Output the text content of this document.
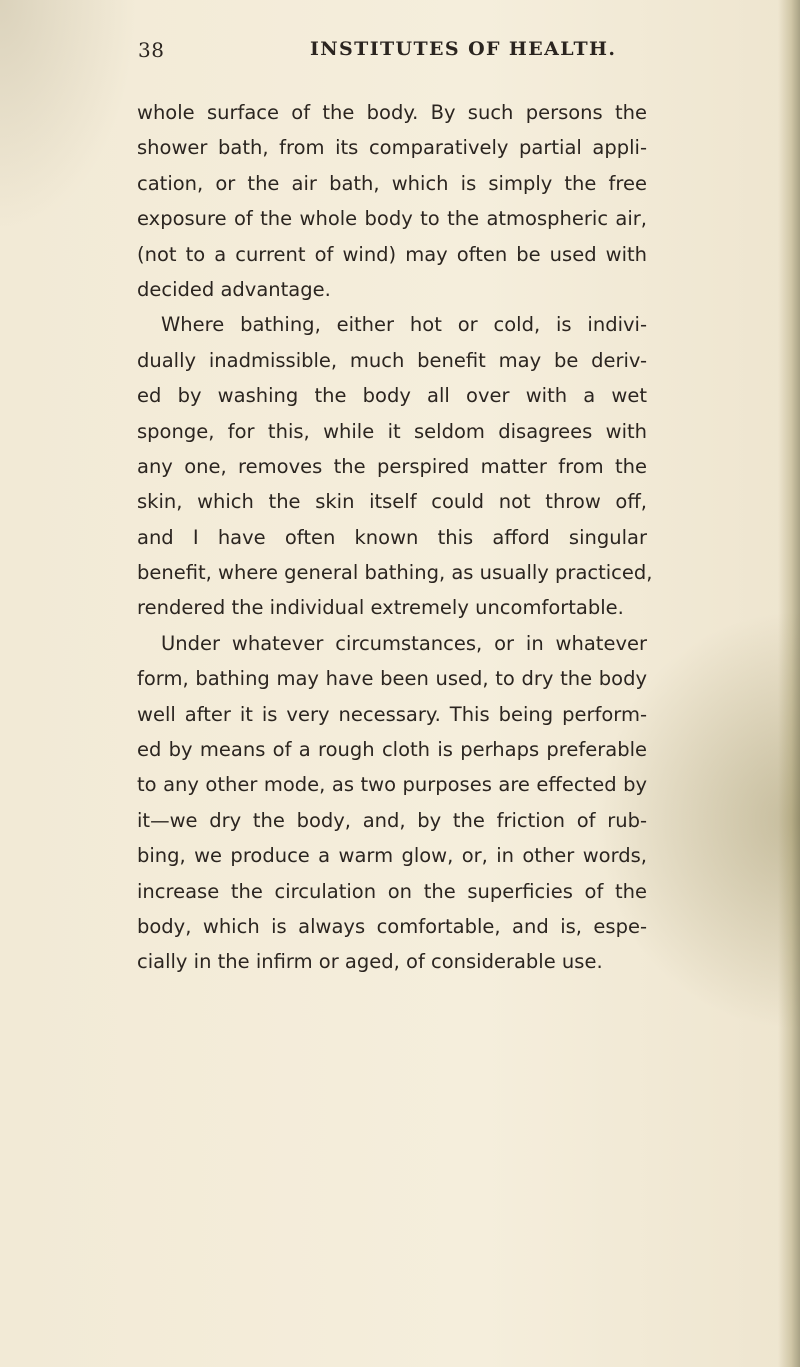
38	INSTITUTES OF HEALTH.
whole surface of the body. By such persons the
shower bath, from its comparatively partial appli-
cation, or the air bath, which is simply the free
exposure of the whole body to the atmospheric air,
(not to a current of wind) may often be used with
decided advantage.
Where bathing, either hot or cold, is indivi-
dually inadmissible, much benefit may be deriv-
ed by washing the body all over with a wet
sponge, for this, while it seldom disagrees with
any one, removes the perspired matter from the
skin, which the skin itself could not throw off,
and I have often known this afford singular
benefit, where general bathing, as usually practiced,
rendered the individual extremely uncomfortable.
Under whatever circumstances, or in whatever
form, bathing may have been used, to dry the body
well after it is very necessary. This being perform-
ed by means of a rough cloth is perhaps preferable
to any other mode, as two purposes are effected by
it—we dry the body, and, by the friction of rub-
bing, we produce a warm glow, or, in other words,
increase the circulation on the superficies of the
body, which is always comfortable, and is, espe-
cially in the infirm or aged, of considerable use.
